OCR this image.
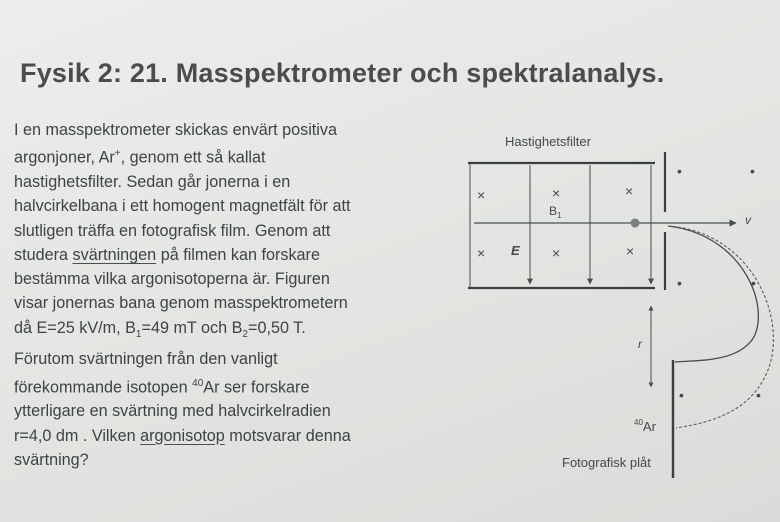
Fysik 2: 21. Masspektrometer och spektralanalys.
I en masspektrometer skickas envärt positiva
argonjoner, Ar+, genom ett så kallat
hastighetsfilter. Sedan går jonerna i en
halvcirkelbana i ett homogent magnetfält för att
slutligen träffa en fotografisk film. Genom att
studera svärtningen på filmen kan forskare
bestämma vilka argonisotoperna är. Figuren
visar jonernas bana genom masspektrometern
då E=25 kV/m, $B_1=49$ mT och $B_2=0,50$ T.
Förutom svärtningen från den vanligt
förekommande isotopen $^{40}$Ar ser forskare
ytterligare en svärtning med halvcirkelradien
r=4,0 dm . Vilken argonisotop motsvarar denna
svärtning?
Hastighetsfilter
×	×	×
×	×	×
$B_1$
E
v
•	•
•	•
•	•
r
$^{40}$Ar
Fotografisk plåt
